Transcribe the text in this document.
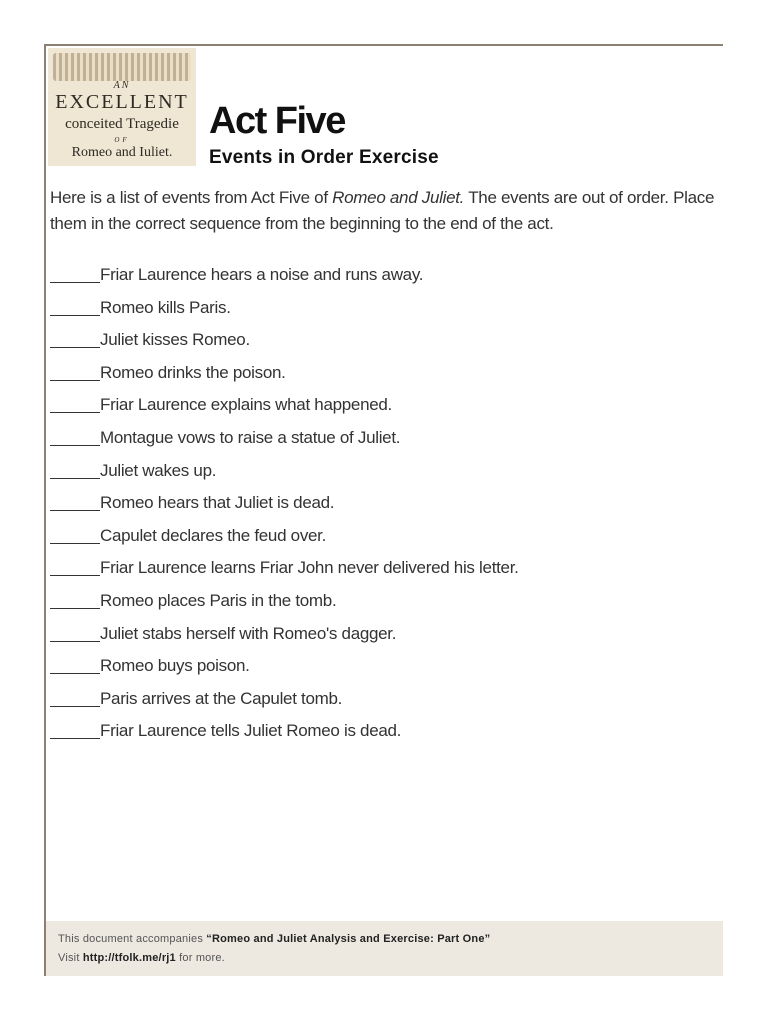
AN
EXCELLENT
conceited Tragedie
OF
Romeo and Iuliet.
Act Five
Events in Order Exercise

Here is a list of events from Act Five of Romeo and Juliet. The events are out of order. Place them in the correct sequence from the beginning to the end of the act.

Friar Laurence hears a noise and runs away.
Romeo kills Paris.
Juliet kisses Romeo.
Romeo drinks the poison.
Friar Laurence explains what happened.
Montague vows to raise a statue of Juliet.
Juliet wakes up.
Romeo hears that Juliet is dead.
Capulet declares the feud over.
Friar Laurence learns Friar John never delivered his letter.
Romeo places Paris in the tomb.
Juliet stabs herself with Romeo's dagger.
Romeo buys poison.
Paris arrives at the Capulet tomb.
Friar Laurence tells Juliet Romeo is dead.

This document accompanies “Romeo and Juliet Analysis and Exercise: Part One”

Visit http://tfolk.me/rj1 for more.
